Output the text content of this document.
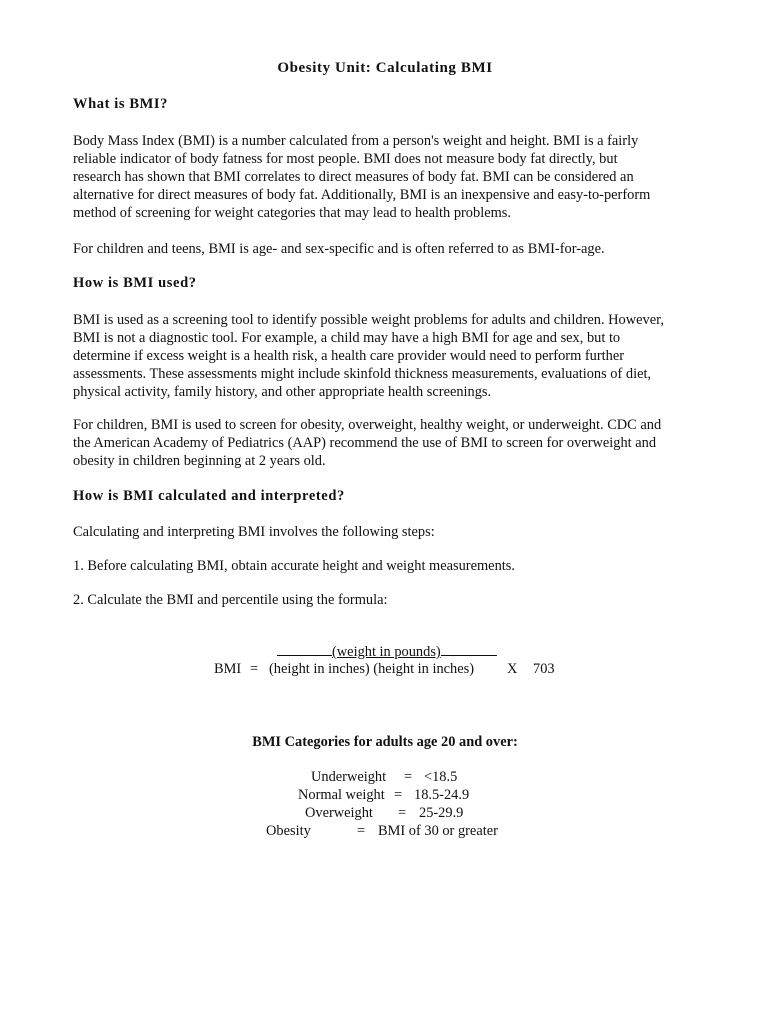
Obesity Unit: Calculating BMI
What is BMI?
Body Mass Index (BMI) is a number calculated from a person's weight and height. BMI is a fairly
reliable indicator of body fatness for most people. BMI does not measure body fat directly, but
research has shown that BMI correlates to direct measures of body fat. BMI can be considered an
alternative for direct measures of body fat. Additionally, BMI is an inexpensive and easy-to-perform
method of screening for weight categories that may lead to health problems.
For children and teens, BMI is age- and sex-specific and is often referred to as BMI-for-age.
How is BMI used?
BMI is used as a screening tool to identify possible weight problems for adults and children. However,
BMI is not a diagnostic tool. For example, a child may have a high BMI for age and sex, but to
determine if excess weight is a health risk, a health care provider would need to perform further
assessments. These assessments might include skinfold thickness measurements, evaluations of diet,
physical activity, family history, and other appropriate health screenings.
For children, BMI is used to screen for obesity, overweight, healthy weight, or underweight. CDC and
the American Academy of Pediatrics (AAP) recommend the use of BMI to screen for overweight and
obesity in children beginning at 2 years old.
How is BMI calculated and interpreted?
Calculating and interpreting BMI involves the following steps:
1. Before calculating BMI, obtain accurate height and weight measurements.
2. Calculate the BMI and percentile using the formula:
(weight in pounds)
BMI = (height in inches) (height in inches) X 703
BMI Categories for adults age 20 and over:
Underweight = <18.5
Normal weight = 18.5-24.9
Overweight = 25-29.9
Obesity	= BMI of 30 or greater
